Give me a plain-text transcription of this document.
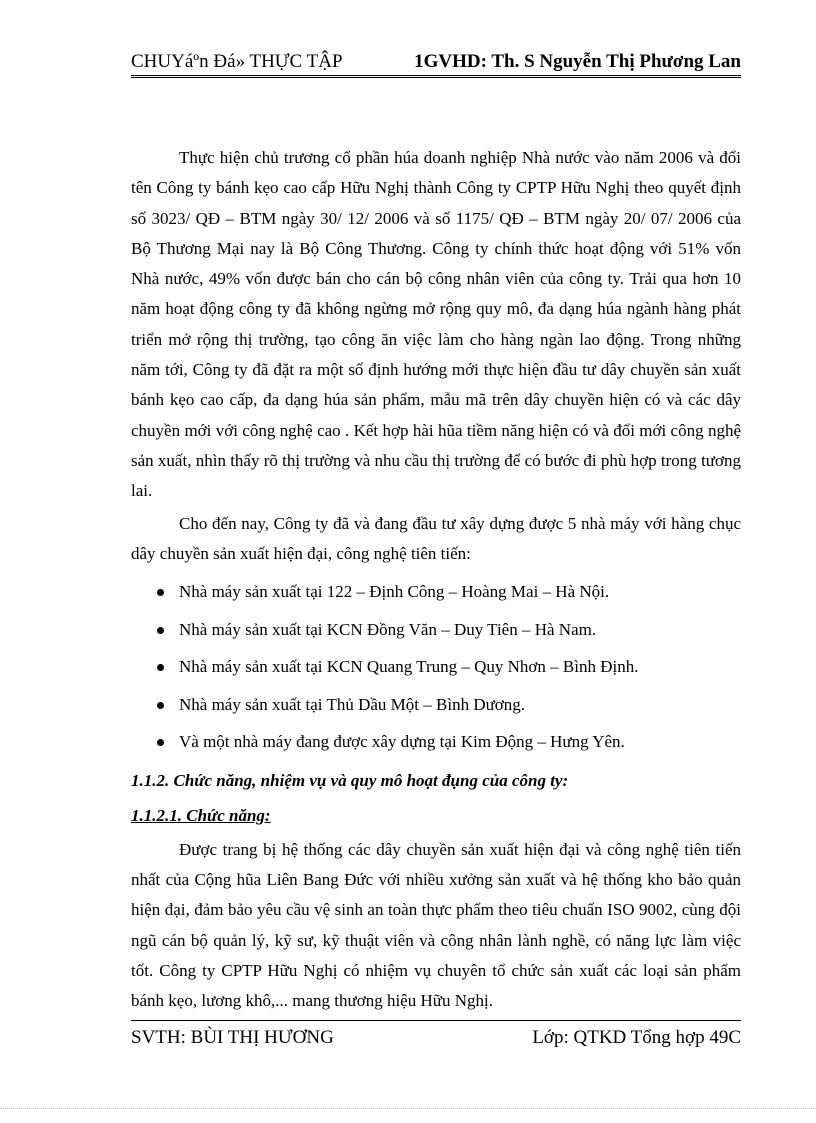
CHUYáºn Đá» THỰC TẬP	1GVHD: Th. S Nguyễn Thị Phương Lan

Thực hiện chủ trương cổ phần húa doanh nghiệp Nhà nước vào năm 2006 và đổi tên Công ty bánh kẹo cao cấp Hữu Nghị thành Công ty CPTP Hữu Nghị theo quyết định số 3023/ QĐ – BTM ngày 30/ 12/ 2006 và số 1175/ QĐ – BTM ngày 20/ 07/ 2006 của Bộ Thương Mại nay là Bộ Công Thương. Công ty chính thức hoạt động với 51% vốn Nhà nước, 49% vốn được bán cho cán bộ công nhân viên của công ty. Trải qua hơn 10 năm hoạt động công ty đã không ngừng mở rộng quy mô, đa dạng húa ngành hàng phát triển mở rộng thị trường, tạo công ăn việc làm cho hàng ngàn lao động. Trong những năm tới, Công ty đã đặt ra một số định hướng mới thực hiện đầu tư dây chuyền sản xuất bánh kẹo cao cấp, đa dạng húa sản phẩm, mẫu mã trên dây chuyền hiện có và các dây chuyền mới với công nghệ cao . Kết hợp hài hũa tiềm năng hiện có và đổi mới công nghệ sản xuất, nhìn thấy rõ thị trường và nhu cầu thị trường để có bước đi phù hợp trong tương lai.

Cho đến nay, Công ty đã và đang đầu tư xây dựng được 5 nhà máy với hàng chục dây chuyền sản xuất hiện đại, công nghệ tiên tiến:

Nhà máy sản xuất tại 122 – Định Công – Hoàng Mai – Hà Nội.
Nhà máy sản xuất tại KCN Đồng Văn – Duy Tiên – Hà Nam.
Nhà máy sản xuất tại KCN Quang Trung – Quy Nhơn – Bình Định.
Nhà máy sản xuất tại Thủ Dầu Một – Bình Dương.
Và một nhà máy đang được xây dựng tại Kim Động – Hưng Yên.
1.1.2. Chức năng, nhiệm vụ và quy mô hoạt đụng của công ty:
1.1.2.1. Chức năng:

Được trang bị hệ thống các dây chuyền sản xuất hiện đại và công nghệ tiên tiến nhất của Cộng hũa Liên Bang Đức với nhiều xưởng sản xuất và hệ thống kho bảo quản hiện đại, đảm bảo yêu cầu vệ sinh an toàn thực phẩm theo tiêu chuẩn ISO 9002, cùng đội ngũ cán bộ quản lý, kỹ sư, kỹ thuật viên và công nhân lành nghề, có năng lực làm việc tốt. Công ty CPTP Hữu Nghị có nhiệm vụ chuyên tổ chức sản xuất các loại sản phẩm bánh kẹo, lương khô,... mang thương hiệu Hữu Nghị.

SVTH: BÙI THỊ HƯƠNG	Lớp: QTKD Tổng hợp 49C
